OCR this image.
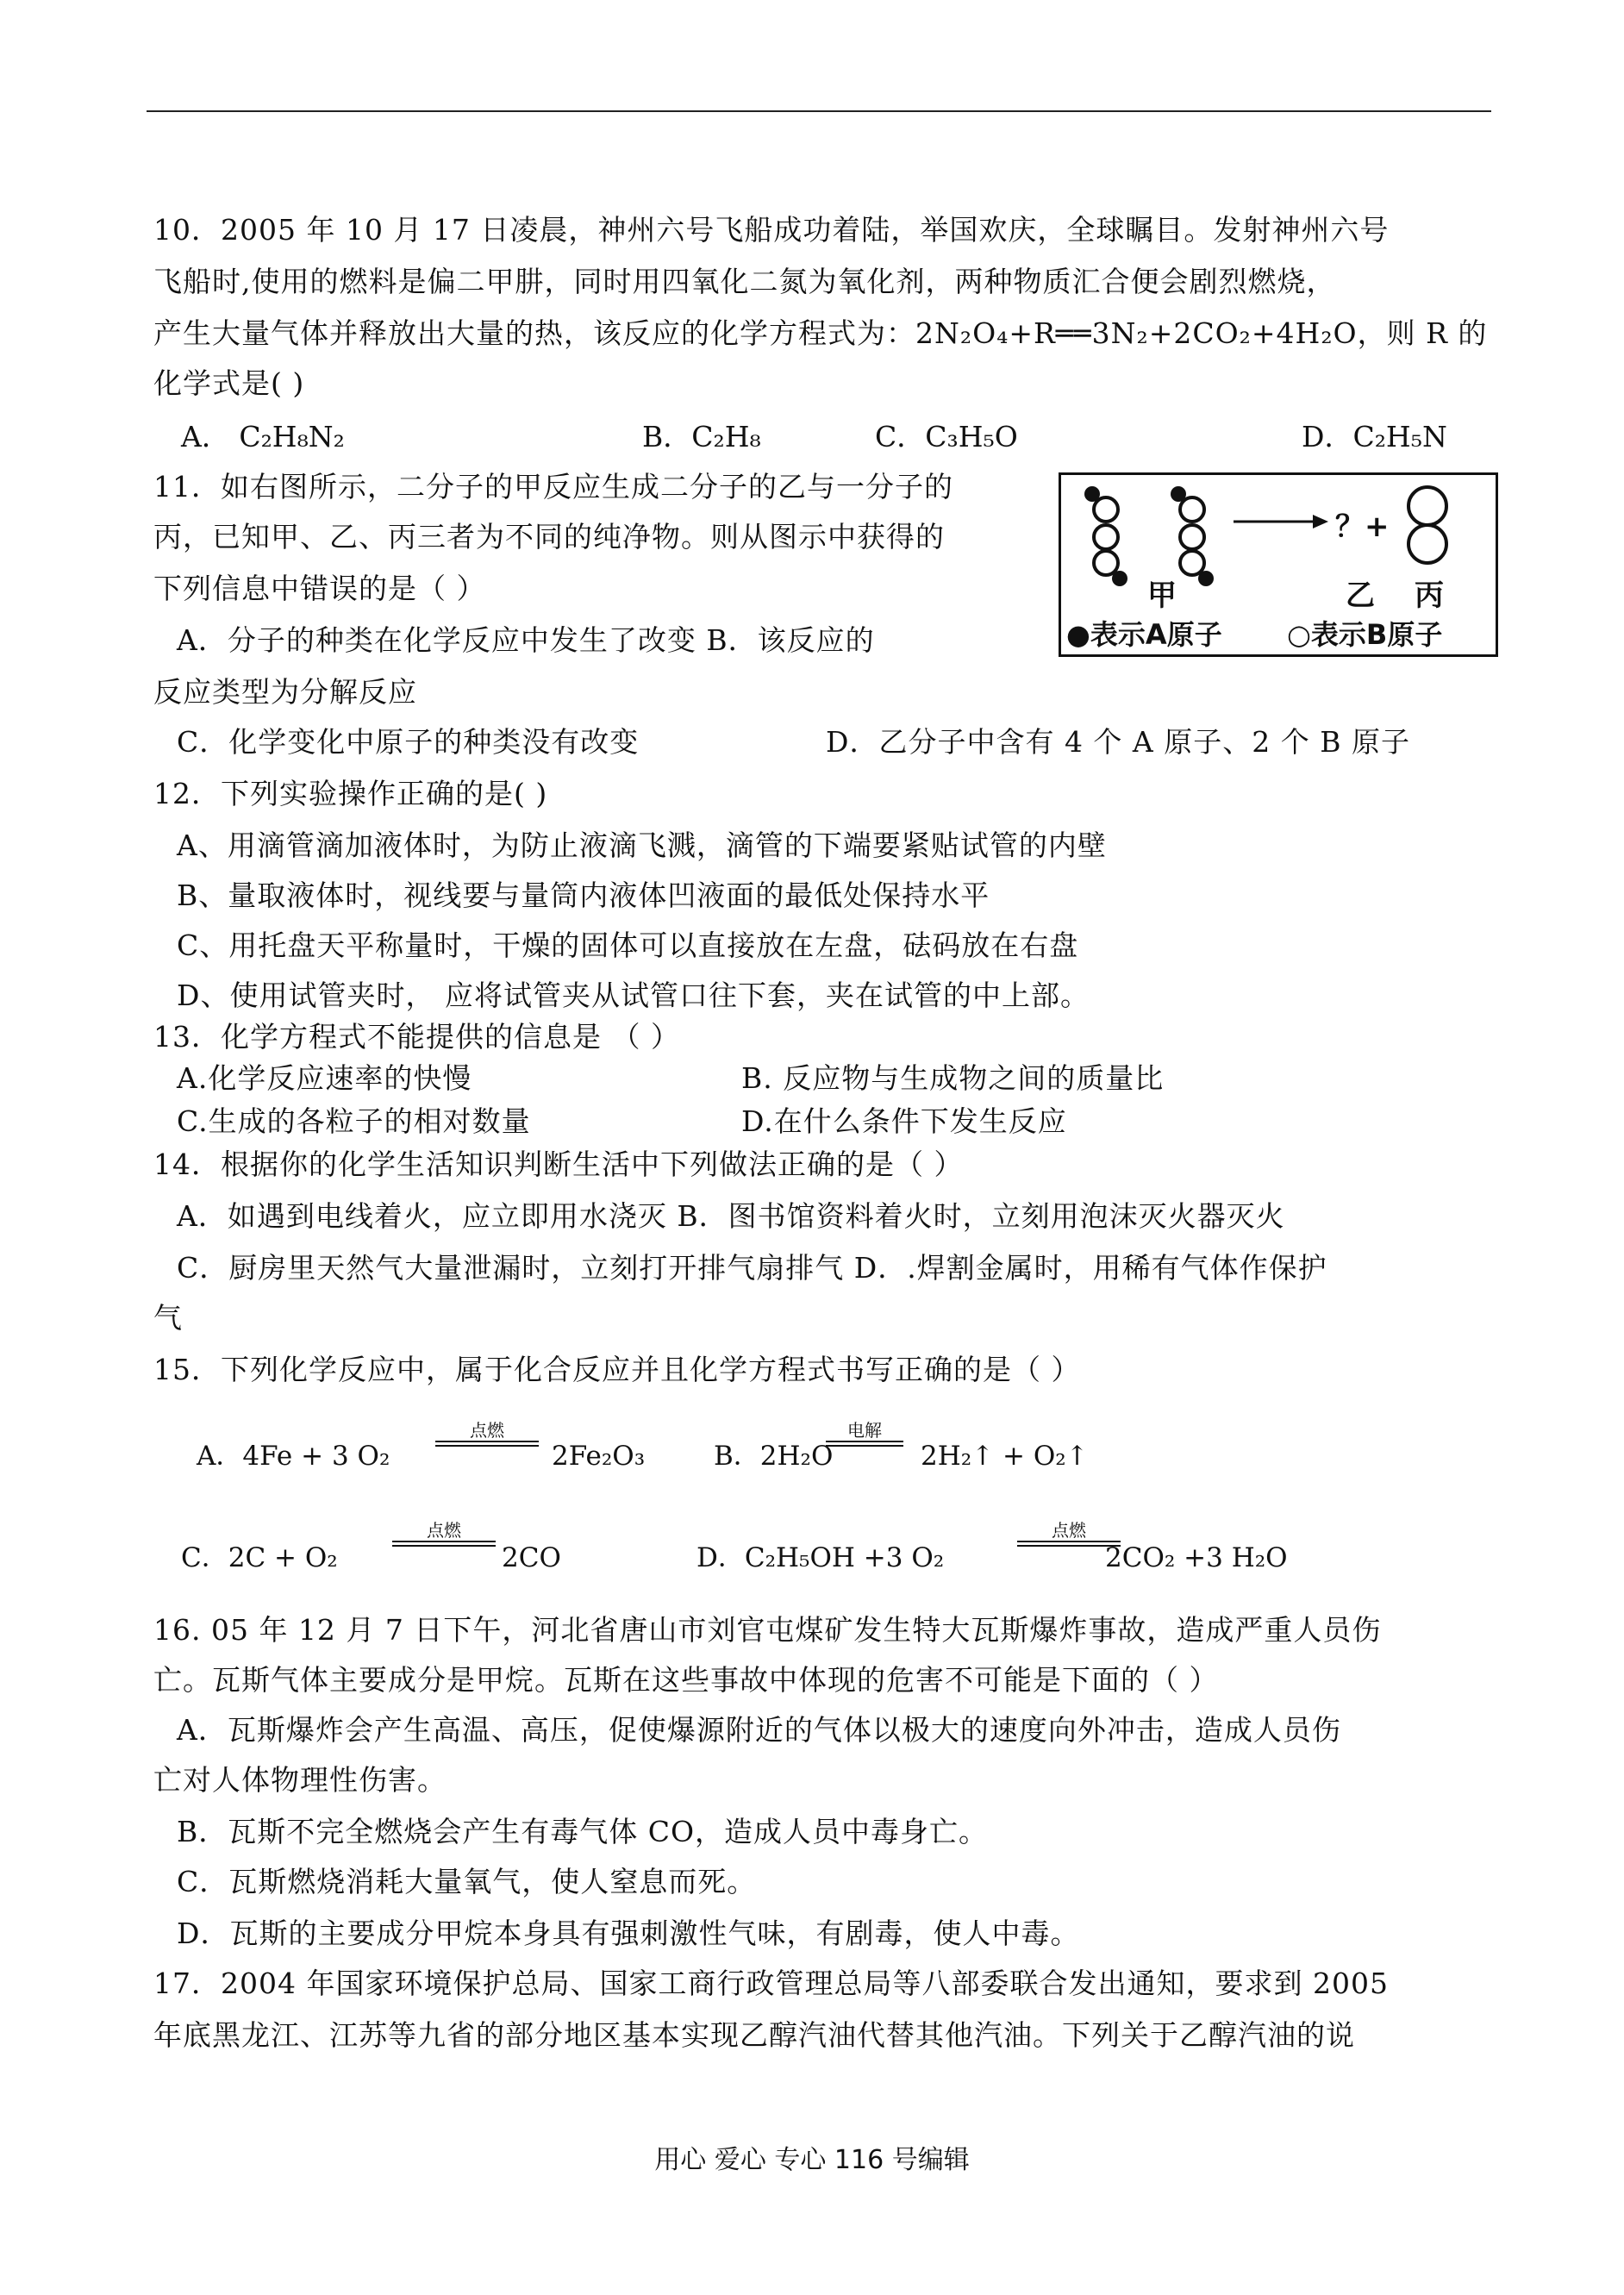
10．2005 年 10 月 17 日凌晨，神州六号飞船成功着陆，举国欢庆，全球瞩目。发射神州六号
飞船时,使用的燃料是偏二甲肼，同时用四氧化二氮为氧化剂，两种物质汇合便会剧烈燃烧，
产生大量气体并释放出大量的热，该反应的化学方程式为：2N₂O₄+R══3N₂+2CO₂+4H₂O，则 R 的
化学式是( )
A． C₂H₈N₂	B．C₂H₈	C．C₃H₅O	D．C₂H₅N
11．如右图所示，二分子的甲反应生成二分子的乙与一分子的
丙，已知甲、乙、丙三者为不同的纯净物。则从图示中获得的
下列信息中错误的是（ ）
A．分子的种类在化学反应中发生了改变 B．该反应的
反应类型为分解反应
C．化学变化中原子的种类没有改变	D．乙分子中含有 4 个 A 原子、2 个 B 原子
？+
甲	乙 丙
●表示A原子 ○表示B原子
12．下列实验操作正确的是( )
A、用滴管滴加液体时，为防止液滴飞溅，滴管的下端要紧贴试管的内壁
B、量取液体时，视线要与量筒内液体凹液面的最低处保持水平
C、用托盘天平称量时，干燥的固体可以直接放在左盘，砝码放在右盘
D、使用试管夹时， 应将试管夹从试管口往下套，夹在试管的中上部。
13．化学方程式不能提供的信息是 （ ）
A.化学反应速率的快慢	B. 反应物与生成物之间的质量比
C.生成的各粒子的相对数量	D.在什么条件下发生反应
14．根据你的化学生活知识判断生活中下列做法正确的是（ ）
A．如遇到电线着火，应立即用水浇灭 B．图书馆资料着火时，立刻用泡沫灭火器灭火
C．厨房里天然气大量泄漏时，立刻打开排气扇排气 D．.焊割金属时，用稀有气体作保护
气
15．下列化学反应中，属于化合反应并且化学方程式书写正确的是（ ）
A．4Fe + 3 O₂
点燃
2Fe₂O₃	B．2H₂O
电解
2H₂↑ + O₂↑
C．2C + O₂
点燃
2CO	D．C₂H₅OH +3 O₂
点燃
2CO₂ +3 H₂O
16. 05 年 12 月 7 日下午，河北省唐山市刘官屯煤矿发生特大瓦斯爆炸事故，造成严重人员伤
亡。瓦斯气体主要成分是甲烷。瓦斯在这些事故中体现的危害不可能是下面的（ ）
A．瓦斯爆炸会产生高温、高压，促使爆源附近的气体以极大的速度向外冲击，造成人员伤
亡对人体物理性伤害。
B．瓦斯不完全燃烧会产生有毒气体 CO，造成人员中毒身亡。
C．瓦斯燃烧消耗大量氧气，使人窒息而死。
D．瓦斯的主要成分甲烷本身具有强刺激性气味，有剧毒，使人中毒。
17．2004 年国家环境保护总局、国家工商行政管理总局等八部委联合发出通知，要求到 2005
年底黑龙江、江苏等九省的部分地区基本实现乙醇汽油代替其他汽油。下列关于乙醇汽油的说
用心 爱心 专心 116 号编辑
